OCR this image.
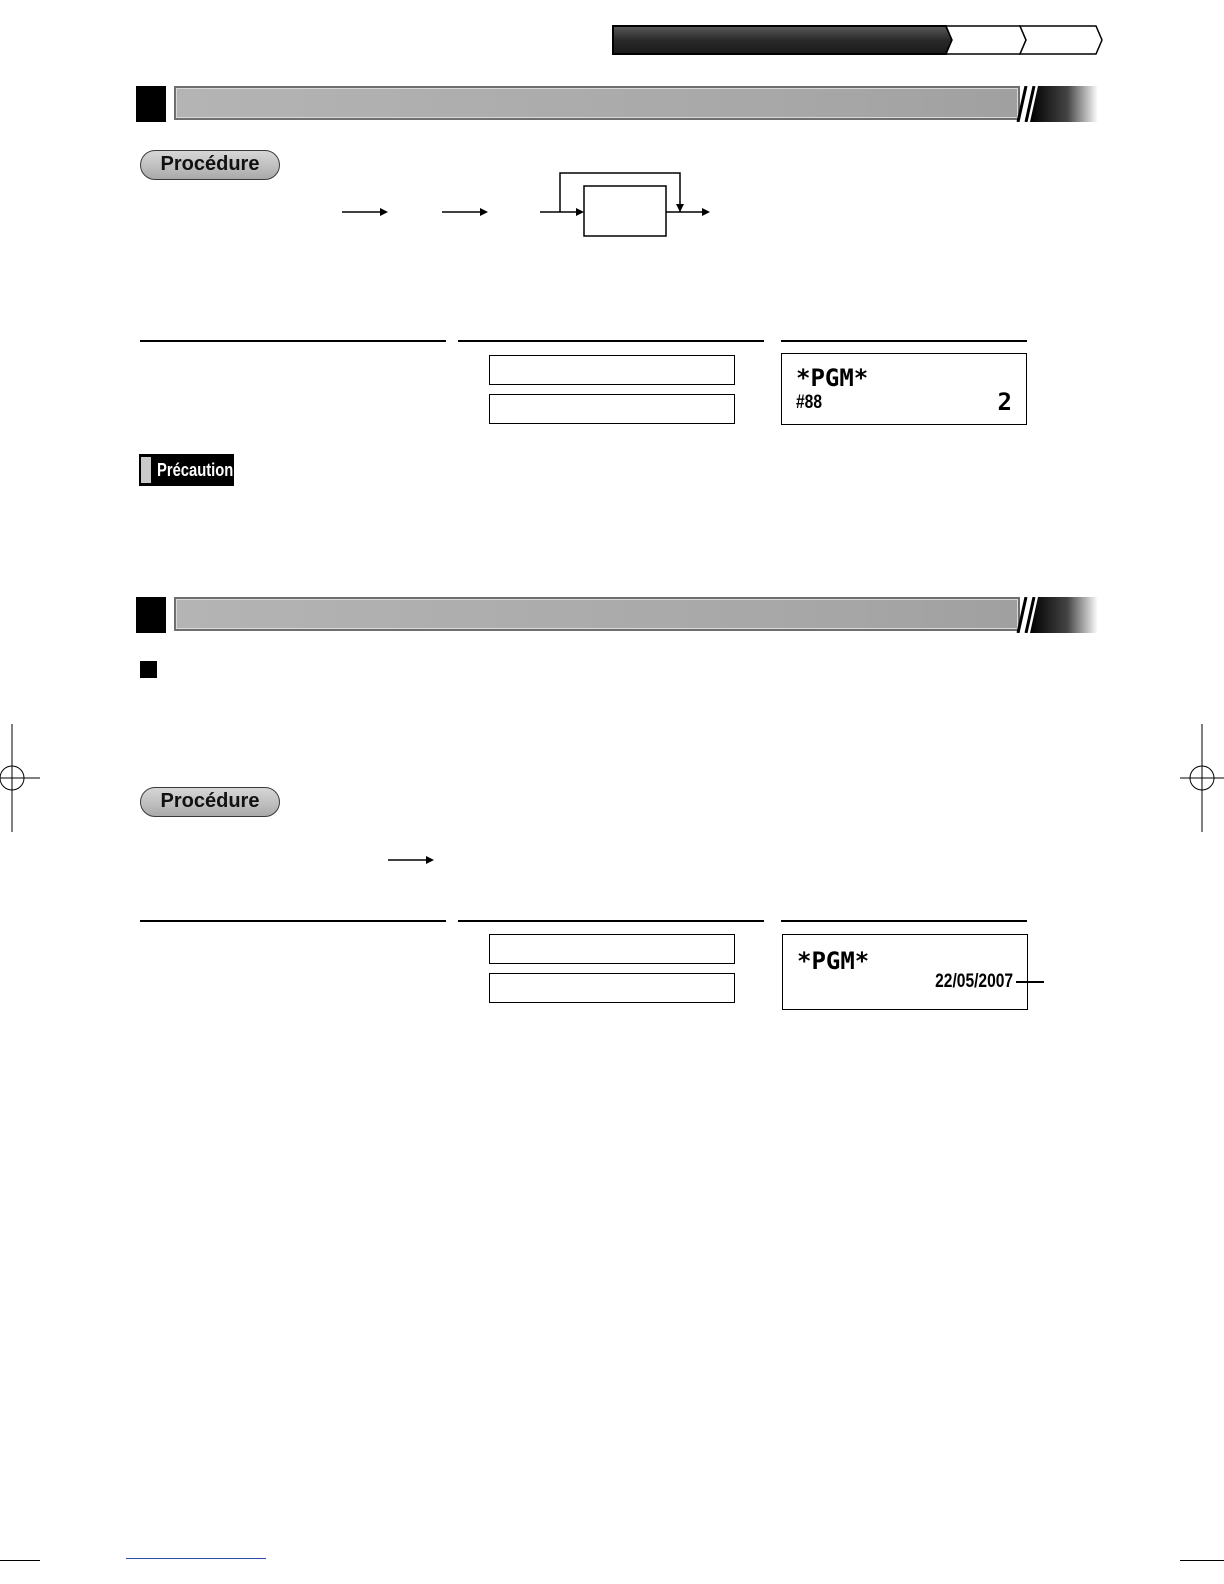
Procédure
*PGM*
#88	2
Précaution
Procédure
*PGM*
22/05/2007
